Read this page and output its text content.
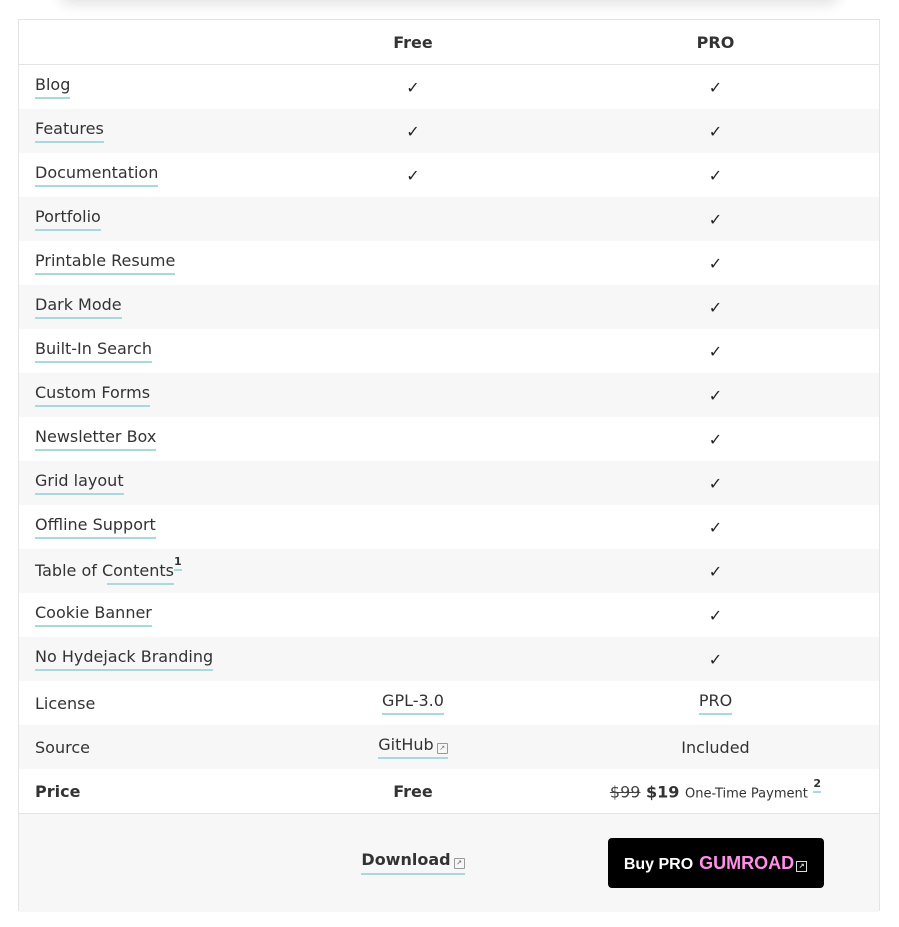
	Free	PRO
Blog	✓	✓
Features	✓	✓
Documentation	✓	✓
Portfolio		✓
Printable Resume		✓
Dark Mode		✓
Built-In Search		✓
Custom Forms		✓
Newsletter Box		✓
Grid layout		✓
Offline Support		✓
Table of Contents$^1$		✓
Cookie Banner		✓
No Hydejack Branding		✓
License	GPL-3.0	PRO
Source	GitHub ↗	Included
Price	Free	$99 $19 One-Time Payment $^2$
	Download ↗	Buy PRO GUMROAD ↗
